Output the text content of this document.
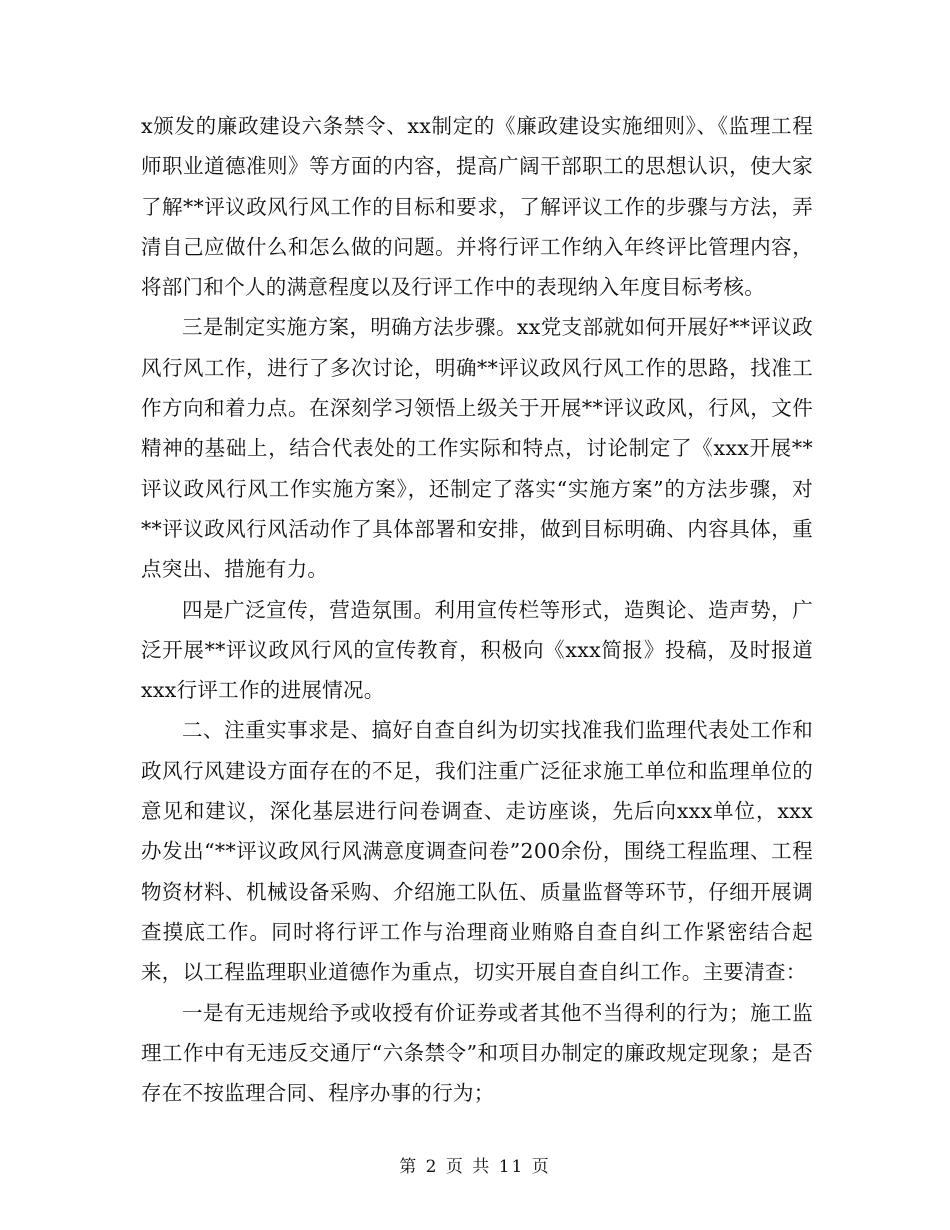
x颁发的廉政建设六条禁令、xx制定的《廉政建设实施细则》、《监理工程师职业道德准则》等方面的内容，提高广阔干部职工的思想认识，使大家了解**评议政风行风工作的目标和要求，了解评议工作的步骤与方法，弄清自己应做什么和怎么做的问题。并将行评工作纳入年终评比管理内容，将部门和个人的满意程度以及行评工作中的表现纳入年度目标考核。

三是制定实施方案，明确方法步骤。xx党支部就如何开展好**评议政风行风工作，进行了多次讨论，明确**评议政风行风工作的思路，找准工作方向和着力点。在深刻学习领悟上级关于开展**评议政风，行风，文件精神的基础上，结合代表处的工作实际和特点，讨论制定了《xxx开展**评议政风行风工作实施方案》，还制定了落实“实施方案”的方法步骤，对**评议政风行风活动作了具体部署和安排，做到目标明确、内容具体，重点突出、措施有力。

四是广泛宣传，营造氛围。利用宣传栏等形式，造舆论、造声势，广泛开展**评议政风行风的宣传教育，积极向《xxx简报》投稿，及时报道xxx行评工作的进展情况。

二、注重实事求是、搞好自查自纠为切实找准我们监理代表处工作和政风行风建设方面存在的不足，我们注重广泛征求施工单位和监理单位的意见和建议，深化基层进行问卷调查、走访座谈，先后向xxx单位，xxx办发出“**评议政风行风满意度调查问卷”200余份，围绕工程监理、工程物资材料、机械设备采购、介绍施工队伍、质量监督等环节，仔细开展调查摸底工作。同时将行评工作与治理商业贿赂自查自纠工作紧密结合起来，以工程监理职业道德作为重点，切实开展自查自纠工作。主要清查：

一是有无违规给予或收授有价证券或者其他不当得利的行为；施工监理工作中有无违反交通厅“六条禁令”和项目办制定的廉政规定现象；是否存在不按监理合同、程序办事的行为；

第 2 页 共 11 页
